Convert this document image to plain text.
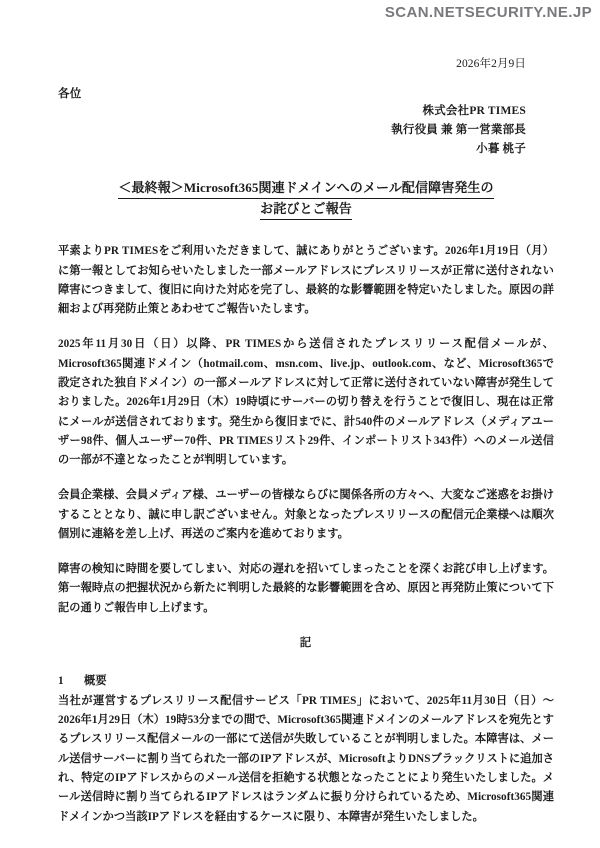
SCAN.NETSECURITY.NE.JP
2026年2月9日
各位
株式会社PR TIMES
執行役員 兼 第一営業部長
小暮 桃子
＜最終報＞Microsoft365関連ドメインへのメール配信障害発生の
お詫びとご報告

平素よりPR TIMESをご利用いただきまして、誠にありがとうございます。2026年1月19日（月）に第一報としてお知らせいたしました一部メールアドレスにプレスリリースが正常に送付されない障害につきまして、復旧に向けた対応を完了し、最終的な影響範囲を特定いたしました。原因の詳細および再発防止策とあわせてご報告いたします。

2025年11月30日（日）以降、PR TIMESから送信されたプレスリリース配信メールが、Microsoft365関連ドメイン（hotmail.com、msn.com、live.jp、outlook.com、など、Microsoft365で設定された独自ドメイン）の一部メールアドレスに対して正常に送付されていない障害が発生しておりました。2026年1月29日（木）19時頃にサーバーの切り替えを行うことで復旧し、現在は正常にメールが送信されております。発生から復旧までに、計540件のメールアドレス（メディアユーザー98件、個人ユーザー70件、PR TIMESリスト29件、インポートリスト343件）へのメール送信の一部が不達となったことが判明しています。

会員企業様、会員メディア様、ユーザーの皆様ならびに関係各所の方々へ、大変なご迷惑をお掛けすることとなり、誠に申し訳ございません。対象となったプレスリリースの配信元企業様へは順次個別に連絡を差し上げ、再送のご案内を進めております。

障害の検知に時間を要してしまい、対応の遅れを招いてしまったことを深くお詫び申し上げます。第一報時点の把握状況から新たに判明した最終的な影響範囲を含め、原因と再発防止策について下記の通りご報告申し上げます。

記
1 概要

当社が運営するプレスリリース配信サービス「PR TIMES」において、2025年11月30日（日）～2026年1月29日（木）19時53分までの間で、Microsoft365関連ドメインのメールアドレスを宛先とするプレスリリース配信メールの一部にて送信が失敗していることが判明しました。本障害は、メール送信サーバーに割り当てられた一部のIPアドレスが、MicrosoftよりDNSブラックリストに追加され、特定のIPアドレスからのメール送信を拒絶する状態となったことにより発生いたしました。メール送信時に割り当てられるIPアドレスはランダムに振り分けられているため、Microsoft365関連ドメインかつ当該IPアドレスを経由するケースに限り、本障害が発生いたしました。
